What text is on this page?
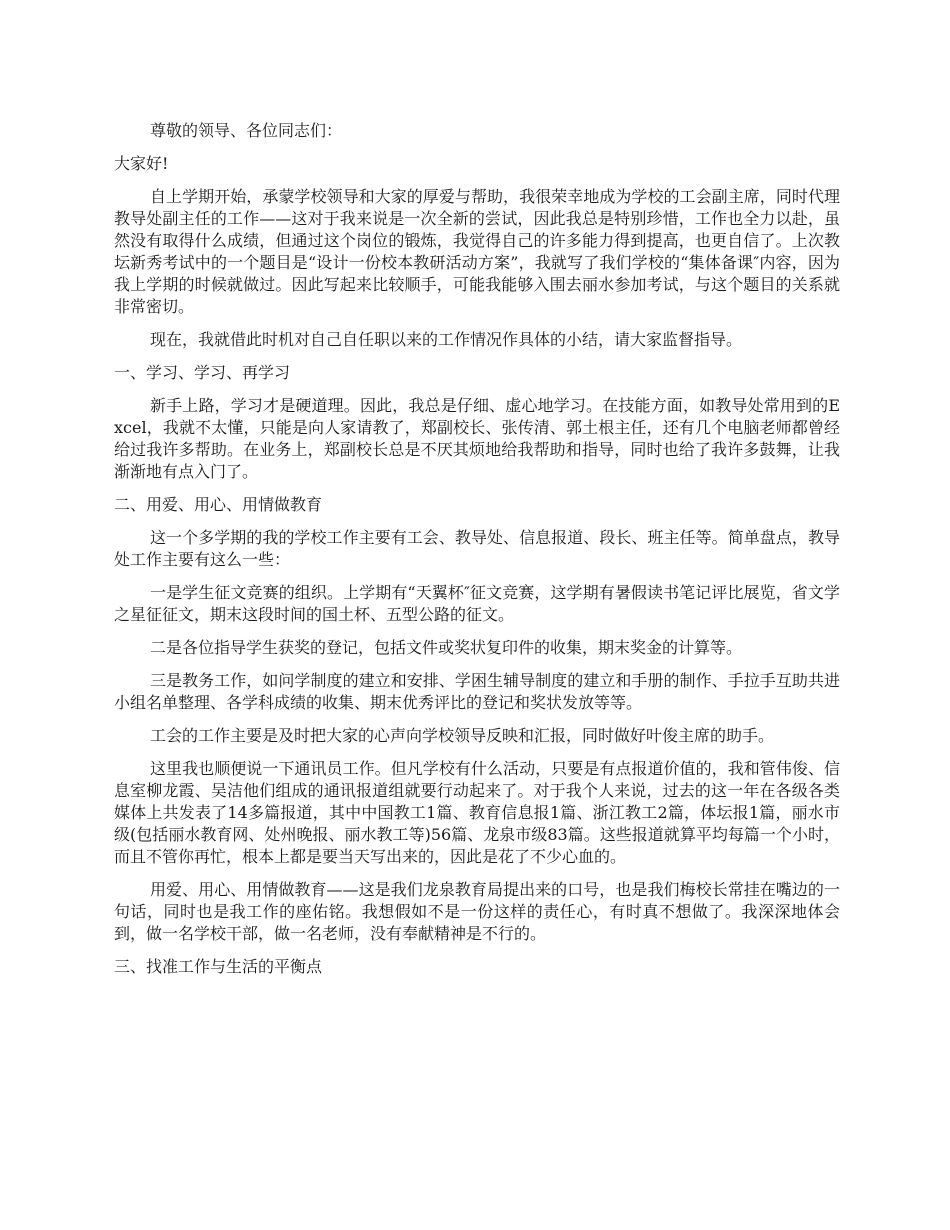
尊敬的领导、各位同志们：

大家好!

自上学期开始，承蒙学校领导和大家的厚爱与帮助，我很荣幸地成为学校的工会副主席，同时代理教导处副主任的工作——这对于我来说是一次全新的尝试，因此我总是特别珍惜，工作也全力以赴，虽然没有取得什么成绩，但通过这个岗位的锻炼，我觉得自己的许多能力得到提高，也更自信了。上次教坛新秀考试中的一个题目是“设计一份校本教研活动方案”，我就写了我们学校的“集体备课″内容，因为我上学期的时候就做过。因此写起来比较顺手，可能我能够入围去丽水参加考试，与这个题目的关系就非常密切。

现在，我就借此时机对自己自任职以来的工作情况作具体的小结，请大家监督指导。

一、学习、学习、再学习

新手上路，学习才是硬道理。因此，我总是仔细、虚心地学习。在技能方面，如教导处常用到的Excel，我就不太懂，只能是向人家请教了，郑副校长、张传清、郭土根主任，还有几个电脑老师都曾经给过我许多帮助。在业务上，郑副校长总是不厌其烦地给我帮助和指导，同时也给了我许多鼓舞，让我渐渐地有点入门了。

二、用爱、用心、用情做教育

这一个多学期的我的学校工作主要有工会、教导处、信息报道、段长、班主任等。简单盘点，教导处工作主要有这么一些：

一是学生征文竞赛的组织。上学期有“天翼杯″征文竞赛，这学期有暑假读书笔记评比展览，省文学之星征征文，期末这段时间的国土杯、五型公路的征文。

二是各位指导学生获奖的登记，包括文件或奖状复印件的收集，期末奖金的计算等。

三是教务工作，如问学制度的建立和安排、学困生辅导制度的建立和手册的制作、手拉手互助共进小组名单整理、各学科成绩的收集、期末优秀评比的登记和奖状发放等等。

工会的工作主要是及时把大家的心声向学校领导反映和汇报，同时做好叶俊主席的助手。

这里我也顺便说一下通讯员工作。但凡学校有什么活动，只要是有点报道价值的，我和管伟俊、信息室柳龙霞、吴洁他们组成的通讯报道组就要行动起来了。对于我个人来说，过去的这一年在各级各类媒体上共发表了14多篇报道，其中中国教工1篇、教育信息报1篇、浙江教工2篇，体坛报1篇，丽水市级(包括丽水教育网、处州晚报、丽水教工等)56篇、龙泉市级83篇。这些报道就算平均每篇一个小时，而且不管你再忙，根本上都是要当天写出来的，因此是花了不少心血的。

用爱、用心、用情做教育——这是我们龙泉教育局提出来的口号，也是我们梅校长常挂在嘴边的一句话，同时也是我工作的座佑铭。我想假如不是一份这样的责任心，有时真不想做了。我深深地体会到，做一名学校干部，做一名老师，没有奉献精神是不行的。

三、找准工作与生活的平衡点
